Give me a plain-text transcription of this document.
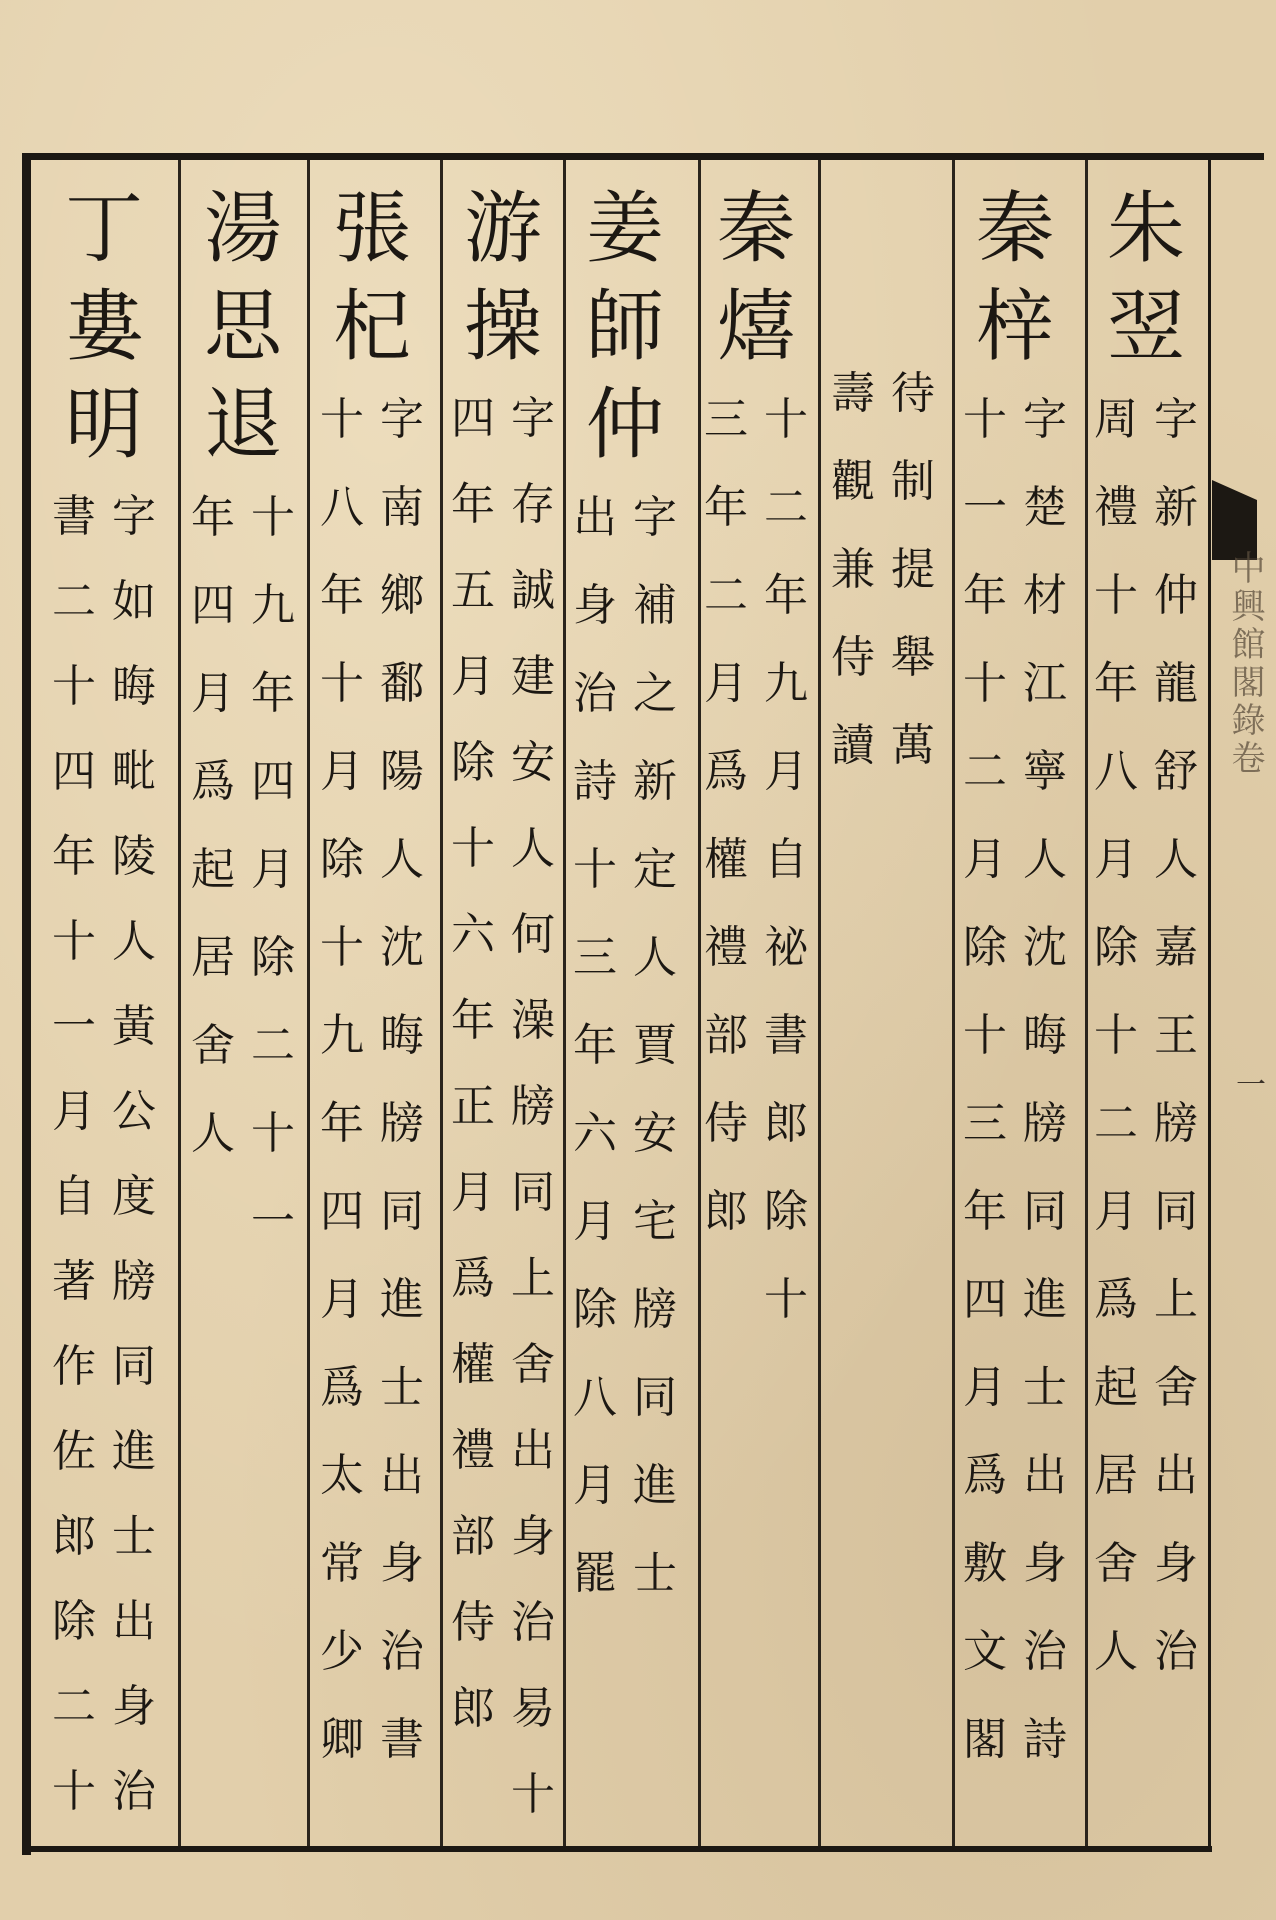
中興館閣錄卷
一
朱
翌
字
新
仲
龍
舒
人
嘉
王
牓
同
上
舍
出
身
治
周
禮
十
年
八
月
除
十
二
月
爲
起
居
舍
人
秦
梓
字
楚
材
江
寧
人
沈
晦
牓
同
進
士
出
身
治
詩
十
一
年
十
二
月
除
十
三
年
四
月
爲
敷
文
閣
待
制
提
舉
萬
壽
觀
兼
侍
讀
秦
熺
十
二
年
九
月
自
祕
書
郎
除
十
三
年
二
月
爲
權
禮
部
侍
郎
姜
師
仲
字
補
之
新
定
人
賈
安
宅
牓
同
進
士
出
身
治
詩
十
三
年
六
月
除
八
月
罷
游
操
字
存
誠
建
安
人
何
澡
牓
同
上
舍
出
身
治
易
十
四
年
五
月
除
十
六
年
正
月
爲
權
禮
部
侍
郎
張
杞
字
南
鄉
鄱
陽
人
沈
晦
牓
同
進
士
出
身
治
書
十
八
年
十
月
除
十
九
年
四
月
爲
太
常
少
卿
湯
思
退
十
九
年
四
月
除
二
十
一
年
四
月
爲
起
居
舍
人
丁
婁
明
字
如
晦
毗
陵
人
黃
公
度
牓
同
進
士
出
身
治
書
二
十
四
年
十
一
月
自
著
作
佐
郎
除
二
十
